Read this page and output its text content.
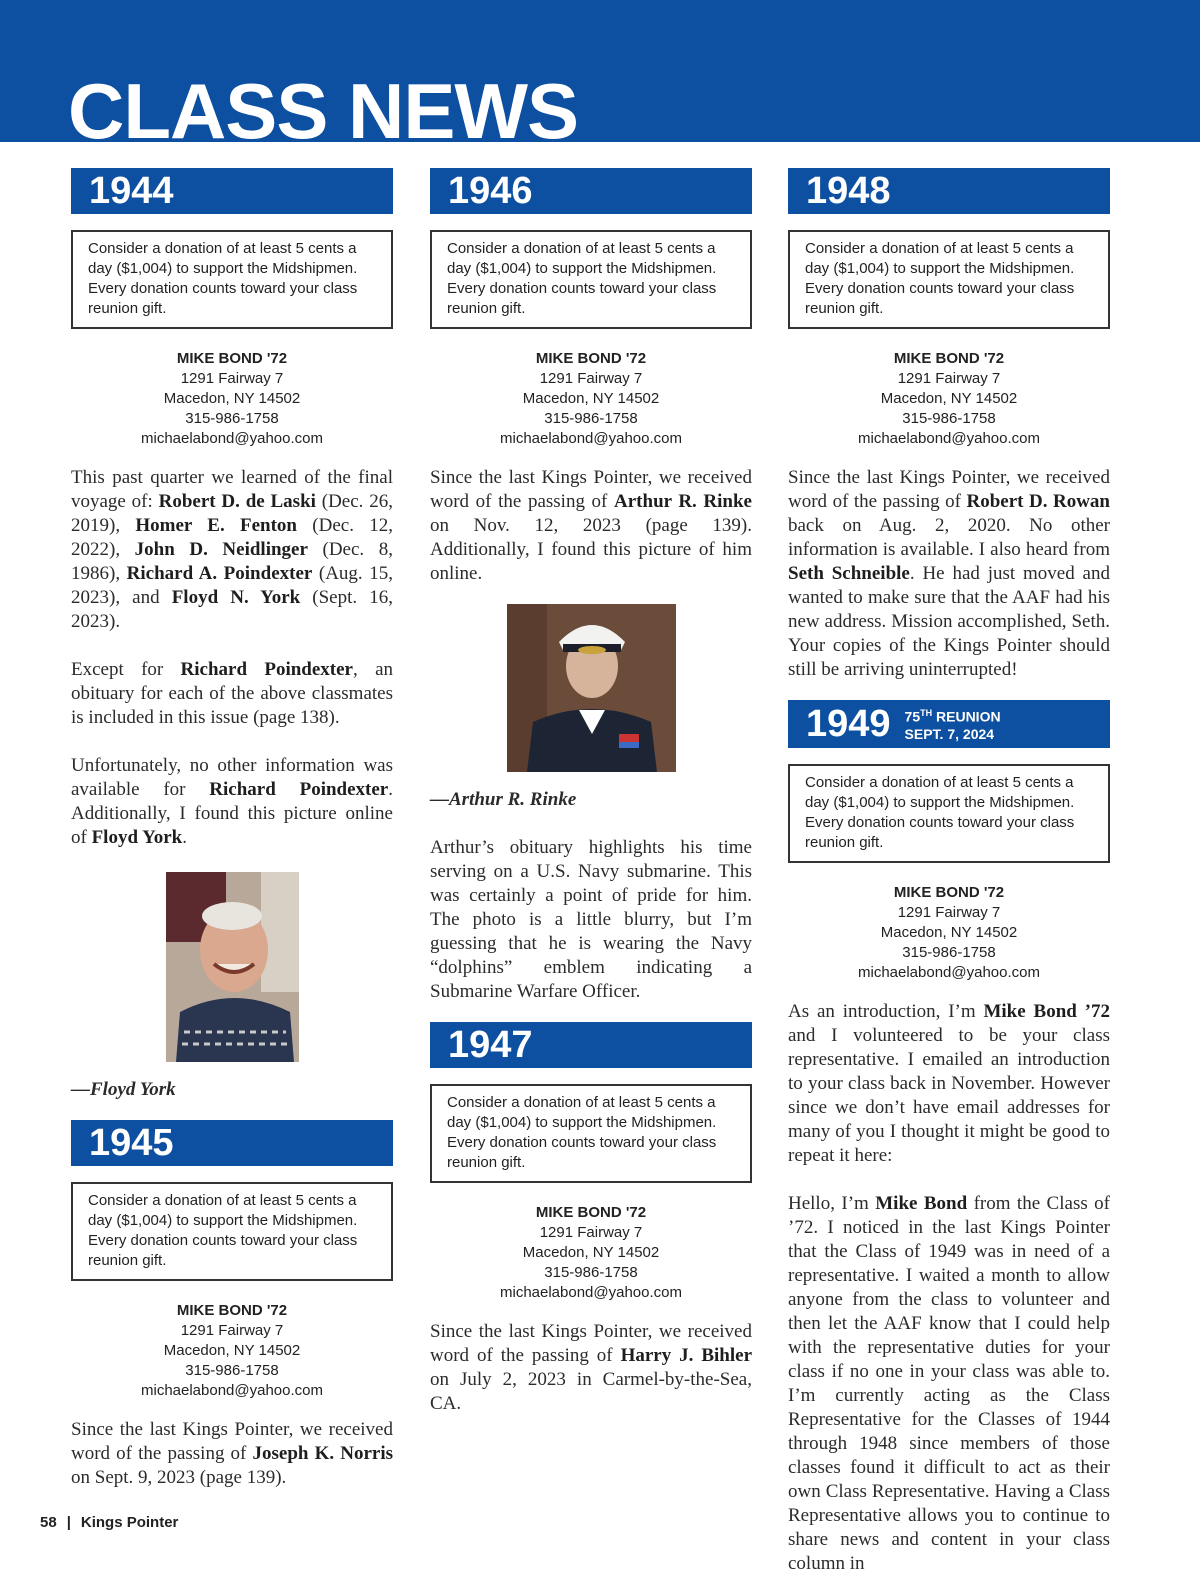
CLASS NEWS
1944
Consider a donation of at least 5 cents a day ($1,004) to support the Midshipmen. Every donation counts toward your class reunion gift.
MIKE BOND '72
1291 Fairway 7
Macedon, NY 14502
315-986-1758
michaelabond@yahoo.com

This past quarter we learned of the final voyage of: Robert D. de Laski (Dec. 26, 2019), Homer E. Fenton (Dec. 12, 2022), John D. Neidlinger (Dec. 8, 1986), Richard A. Poindexter (Aug. 15, 2023), and Floyd N. York (Sept. 16, 2023).

Except for Richard Poindexter, an obituary for each of the above classmates is included in this issue (page 138).

Unfortunately, no other information was available for Richard Poindexter. Additionally, I found this picture online of Floyd York.

—Floyd York

1945
Consider a donation of at least 5 cents a day ($1,004) to support the Midshipmen. Every donation counts toward your class reunion gift.
MIKE BOND '72
1291 Fairway 7
Macedon, NY 14502
315-986-1758
michaelabond@yahoo.com

Since the last Kings Pointer, we received word of the passing of Joseph K. Norris on Sept. 9, 2023 (page 139).

1946
Consider a donation of at least 5 cents a day ($1,004) to support the Midshipmen. Every donation counts toward your class reunion gift.
MIKE BOND '72
1291 Fairway 7
Macedon, NY 14502
315-986-1758
michaelabond@yahoo.com

Since the last Kings Pointer, we received word of the passing of Arthur R. Rinke on Nov. 12, 2023 (page 139). Additionally, I found this picture of him online.

—Arthur R. Rinke

Arthur’s obituary highlights his time serving on a U.S. Navy submarine. This was certainly a point of pride for him. The photo is a little blurry, but I’m guessing that he is wearing the Navy “dolphins” emblem indicating a Submarine Warfare Officer.

1947
Consider a donation of at least 5 cents a day ($1,004) to support the Midshipmen. Every donation counts toward your class reunion gift.
MIKE BOND '72
1291 Fairway 7
Macedon, NY 14502
315-986-1758
michaelabond@yahoo.com

Since the last Kings Pointer, we received word of the passing of Harry J. Bihler on July 2, 2023 in Carmel-by-the-Sea, CA.

1948
Consider a donation of at least 5 cents a day ($1,004) to support the Midshipmen. Every donation counts toward your class reunion gift.
MIKE BOND '72
1291 Fairway 7
Macedon, NY 14502
315-986-1758
michaelabond@yahoo.com

Since the last Kings Pointer, we received word of the passing of Robert D. Rowan back on Aug. 2, 2020. No other information is available. I also heard from Seth Schneible. He had just moved and wanted to make sure that the AAF had his new address. Mission accomplished, Seth. Your copies of the Kings Pointer should still be arriving uninterrupted!

1949 75TH REUNION
SEPT. 7, 2024
Consider a donation of at least 5 cents a day ($1,004) to support the Midshipmen. Every donation counts toward your class reunion gift.
MIKE BOND '72
1291 Fairway 7
Macedon, NY 14502
315-986-1758
michaelabond@yahoo.com

As an introduction, I’m Mike Bond ’72 and I volunteered to be your class representative. I emailed an introduction to your class back in November. However since we don’t have email addresses for many of you I thought it might be good to repeat it here:

Hello, I’m Mike Bond from the Class of ’72. I noticed in the last Kings Pointer that the Class of 1949 was in need of a representative. I waited a month to allow anyone from the class to volunteer and then let the AAF know that I could help with the representative duties for your class if no one in your class was able to. I’m currently acting as the Class Representative for the Classes of 1944 through 1948 since members of those classes found it difficult to act as their own Class Representative. Having a Class Representative allows you to continue to share news and content in your class column in

58 | Kings Pointer
